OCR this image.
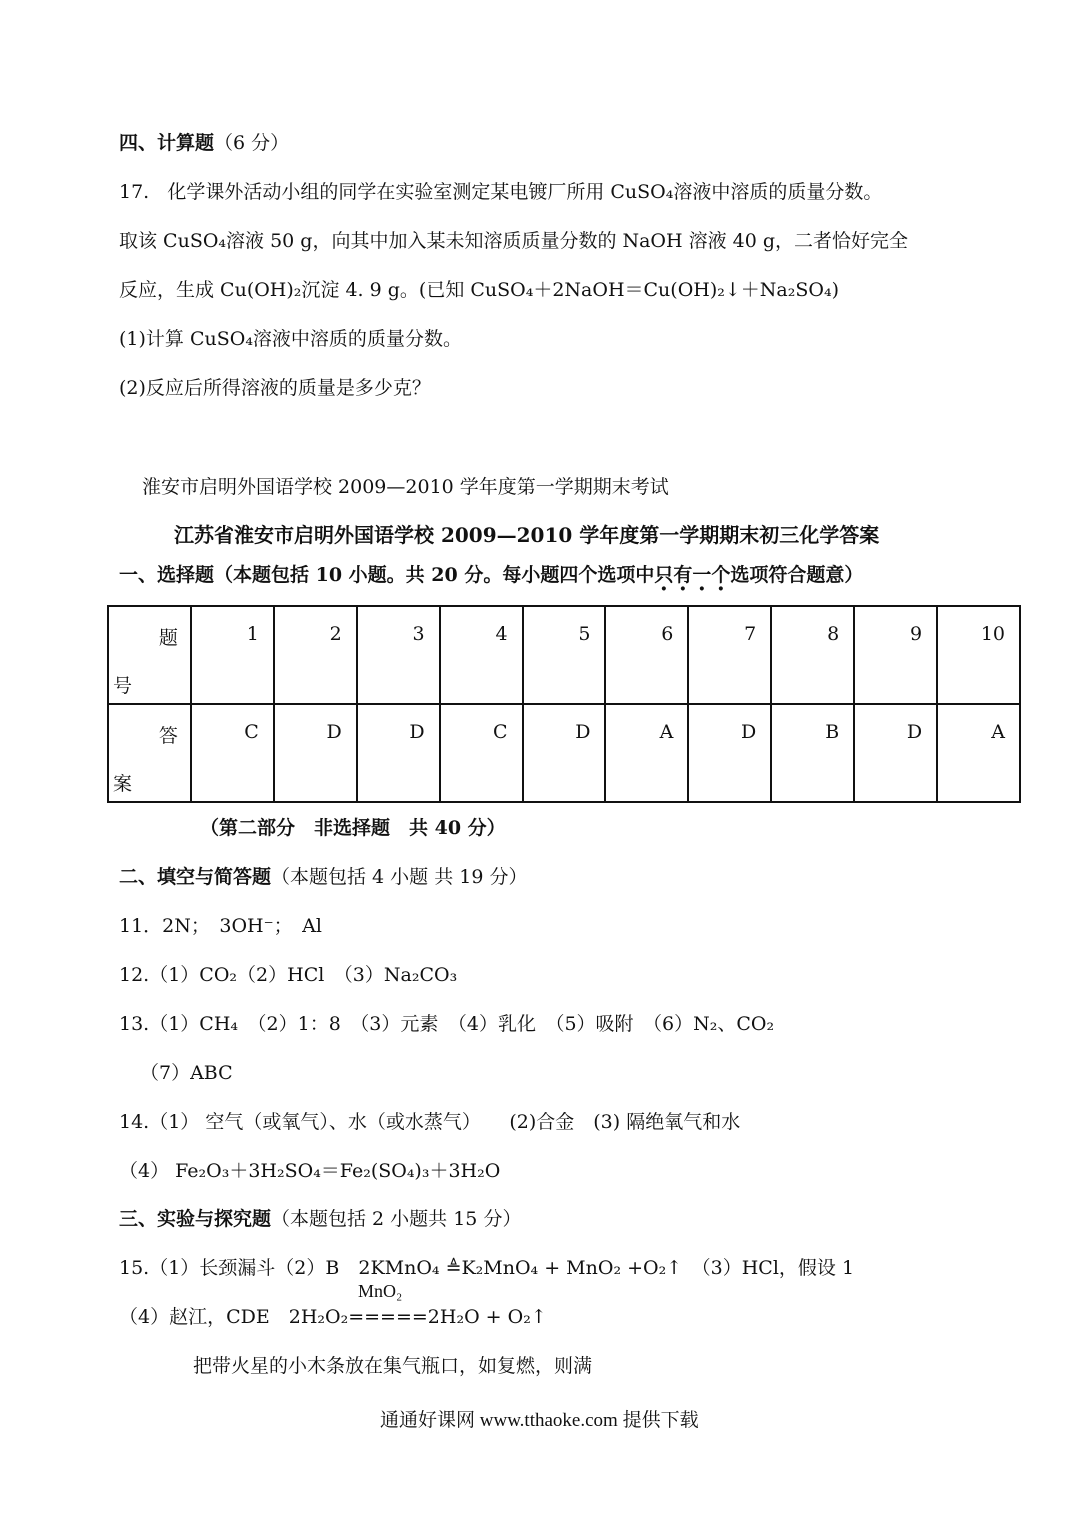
四、计算题（6 分）
17. 化学课外活动小组的同学在实验室测定某电镀厂所用 CuSO₄溶液中溶质的质量分数。
取该 CuSO₄溶液 50 g，向其中加入某未知溶质质量分数的 NaOH 溶液 40 g，二者恰好完全
反应，生成 Cu(OH)₂沉淀 4. 9 g。(已知 CuSO₄＋2NaOH＝Cu(OH)₂↓＋Na₂SO₄)
(1)计算 CuSO₄溶液中溶质的质量分数。
(2)反应后所得溶液的质量是多少克？
淮安市启明外国语学校 2009—2010 学年度第一学期期末考试
江苏省淮安市启明外国语学校 2009—2010 学年度第一学期期末初三化学答案
一、选择题（本题包括 10 小题。共 20 分。每小题四个选项中只有一个选项符合题意）
题
号	1	2	3	4	5	6	7	8	9	10

答
案	C	D	D	C	D	A	D	B	D	A
（第二部分　非选择题　共 40 分）
二、填空与简答题（本题包括 4 小题 共 19 分）
11．2N；　3OH⁻；　Al
12.（1）CO₂（2）HCl　（3）Na₂CO₃
13.（1）CH₄　（2）1：8　（3）元素　（4）乳化　（5）吸附　（6）N₂、CO₂
（7）ABC
14.（1） 空气（或氧气）、水（或水蒸气）　　(2)合金　(3) 隔绝氧气和水
（4） Fe₂O₃＋3H₂SO₄＝Fe₂(SO₄)₃＋3H₂O
三、实验与探究题（本题包括 2 小题共 15 分）
15.（1）长颈漏斗（2）B　2KMnO₄ ≜K₂MnO₄ + MnO₂ +O₂↑　（3）HCl，假设 1
MnO₂
（4）赵江，CDE　2H₂O₂=====2H₂O + O₂↑
把带火星的小木条放在集气瓶口，如复燃，则满
通通好课网 www.tthaoke.com 提供下载
